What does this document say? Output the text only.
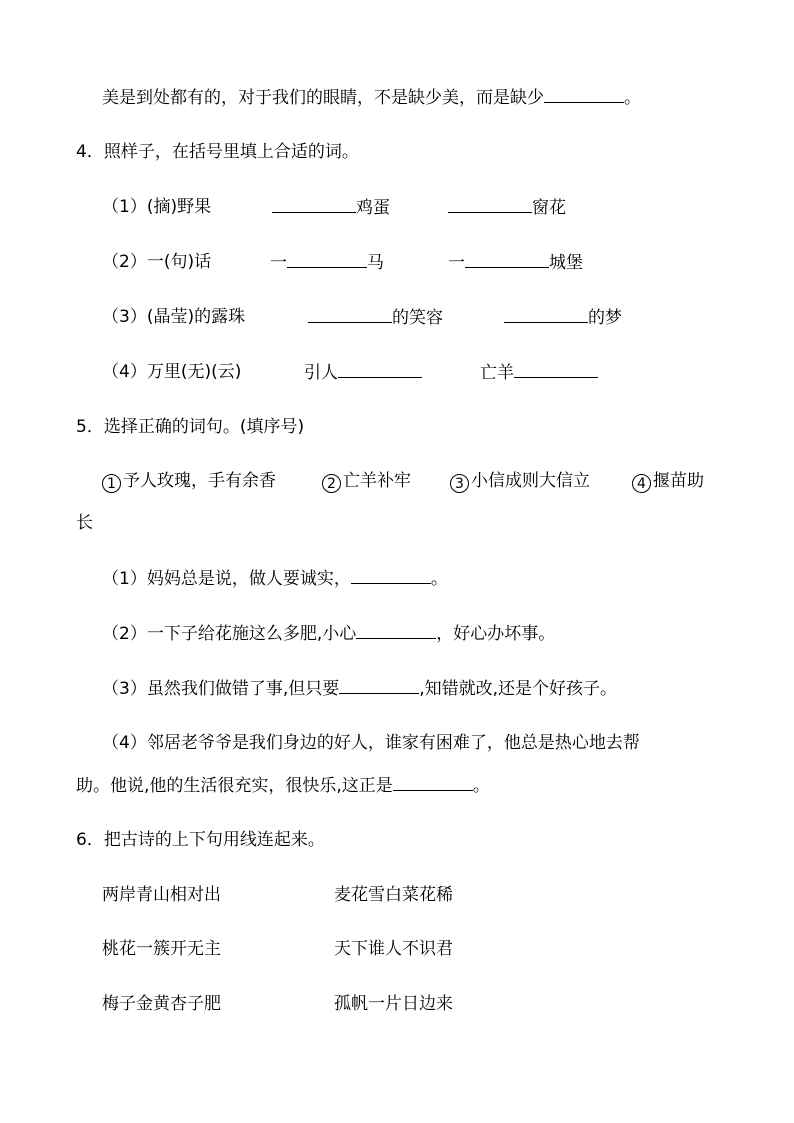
美是到处都有的，对于我们的眼睛，不是缺少美，而是缺少	。
4．照样子，在括号里填上合适的词。
（1）(摘)野果	鸡蛋	窗花
（2）一(句)话	一	马	一	城堡
（3）(晶莹)的露珠	的笑容	的梦
（4）万里(无)(云)	引人	亡羊
5．选择正确的词句。(填序号)
1 予人玫瑰，手有余香	2 亡羊补牢	3 小信成则大信立	4 揠苗助
长
（1）妈妈总是说，做人要诚实，	。
（2）一下子给花施这么多肥,小心	，好心办坏事。
（3）虽然我们做错了事,但只要	,知错就改,还是个好孩子。
（4）邻居老爷爷是我们身边的好人，谁家有困难了，他总是热心地去帮
助。他说,他的生活很充实，很快乐,这正是	。
6．把古诗的上下句用线连起来。
两岸青山相对出	麦花雪白菜花稀
桃花一簇开无主	天下谁人不识君
梅子金黄杏子肥	孤帆一片日边来
